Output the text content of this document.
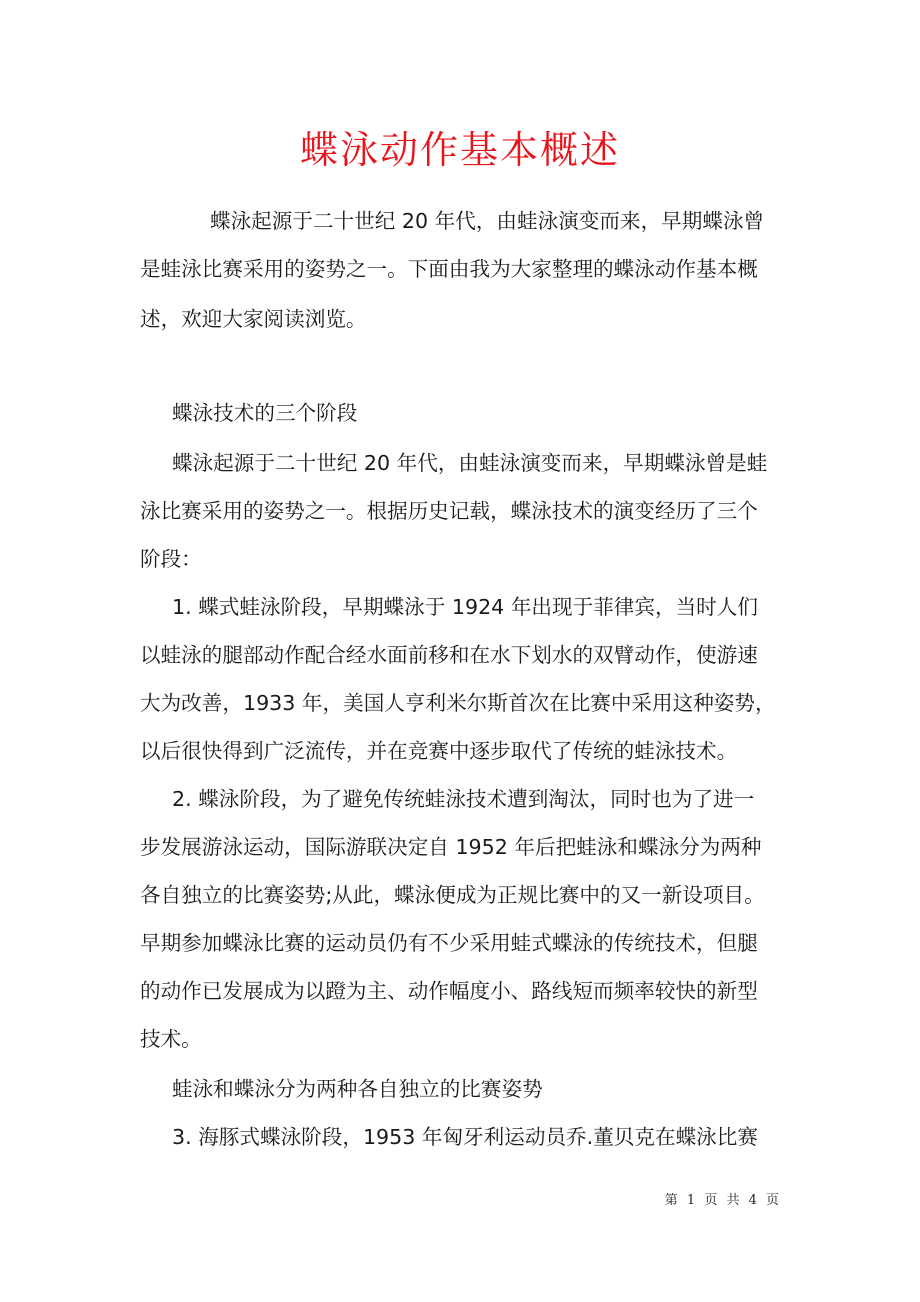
蝶泳动作基本概述

蝶泳起源于二十世纪 20 年代，由蛙泳演变而来，早期蝶泳曾

是蛙泳比赛采用的姿势之一。下面由我为大家整理的蝶泳动作基本概

述，欢迎大家阅读浏览。

蝶泳技术的三个阶段

蝶泳起源于二十世纪 20 年代，由蛙泳演变而来，早期蝶泳曾是蛙

泳比赛采用的姿势之一。根据历史记载，蝶泳技术的演变经历了三个

阶段：

1. 蝶式蛙泳阶段，早期蝶泳于 1924 年出现于菲律宾，当时人们

以蛙泳的腿部动作配合经水面前移和在水下划水的双臂动作，使游速

大为改善，1933 年，美国人亨利米尔斯首次在比赛中采用这种姿势，

以后很快得到广泛流传，并在竞赛中逐步取代了传统的蛙泳技术。

2. 蝶泳阶段，为了避免传统蛙泳技术遭到淘汰，同时也为了进一

步发展游泳运动，国际游联决定自 1952 年后把蛙泳和蝶泳分为两种

各自独立的比赛姿势;从此，蝶泳便成为正规比赛中的又一新设项目。

早期参加蝶泳比赛的运动员仍有不少采用蛙式蝶泳的传统技术，但腿

的动作已发展成为以蹬为主、动作幅度小、路线短而频率较快的新型

技术。

蛙泳和蝶泳分为两种各自独立的比赛姿势

3. 海豚式蝶泳阶段，1953 年匈牙利运动员乔.董贝克在蝶泳比赛

第 1 页 共 4 页
